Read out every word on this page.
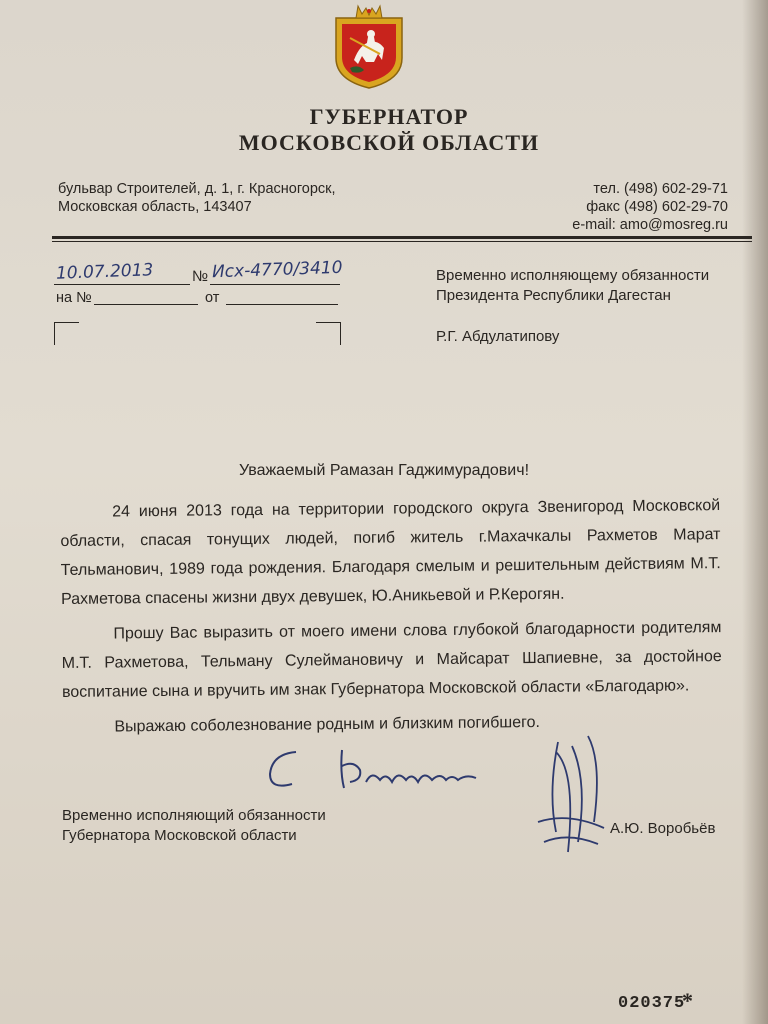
ГУБЕРНАТОР
МОСКОВСКОЙ ОБЛАСТИ
бульвар Строителей, д. 1, г. Красногорск,
Московская область, 143407
тел. (498) 602-29-71
факс (498) 602-29-70
e-mail: amo@mosreg.ru
10.07.2013	№ Исх-4770/3410
на №	от
Временно исполняющему обязанности
Президента Республики Дагестан
Р.Г. Абдулатипову
Уважаемый Рамазан Гаджимурадович!

24 июня 2013 года на территории городского округа Звенигород Московской области, спасая тонущих людей, погиб житель г.Махачкалы Рахметов Марат Тельманович, 1989 года рождения. Благодаря смелым и решительным действиям М.Т. Рахметова спасены жизни двух девушек, Ю.Аникьевой и Р.Керогян.

Прошу Вас выразить от моего имени слова глубокой благодарности родителям М.Т. Рахметова, Тельману Сулеймановичу и Майсарат Шапиевне, за достойное воспитание сына и вручить им знак Губернатора Московской области «Благодарю».

Выражаю соболезнование родным и близким погибшего.

Временно исполняющий обязанности
Губернатора Московской области	А.Ю. Воробьёв
020375
*
